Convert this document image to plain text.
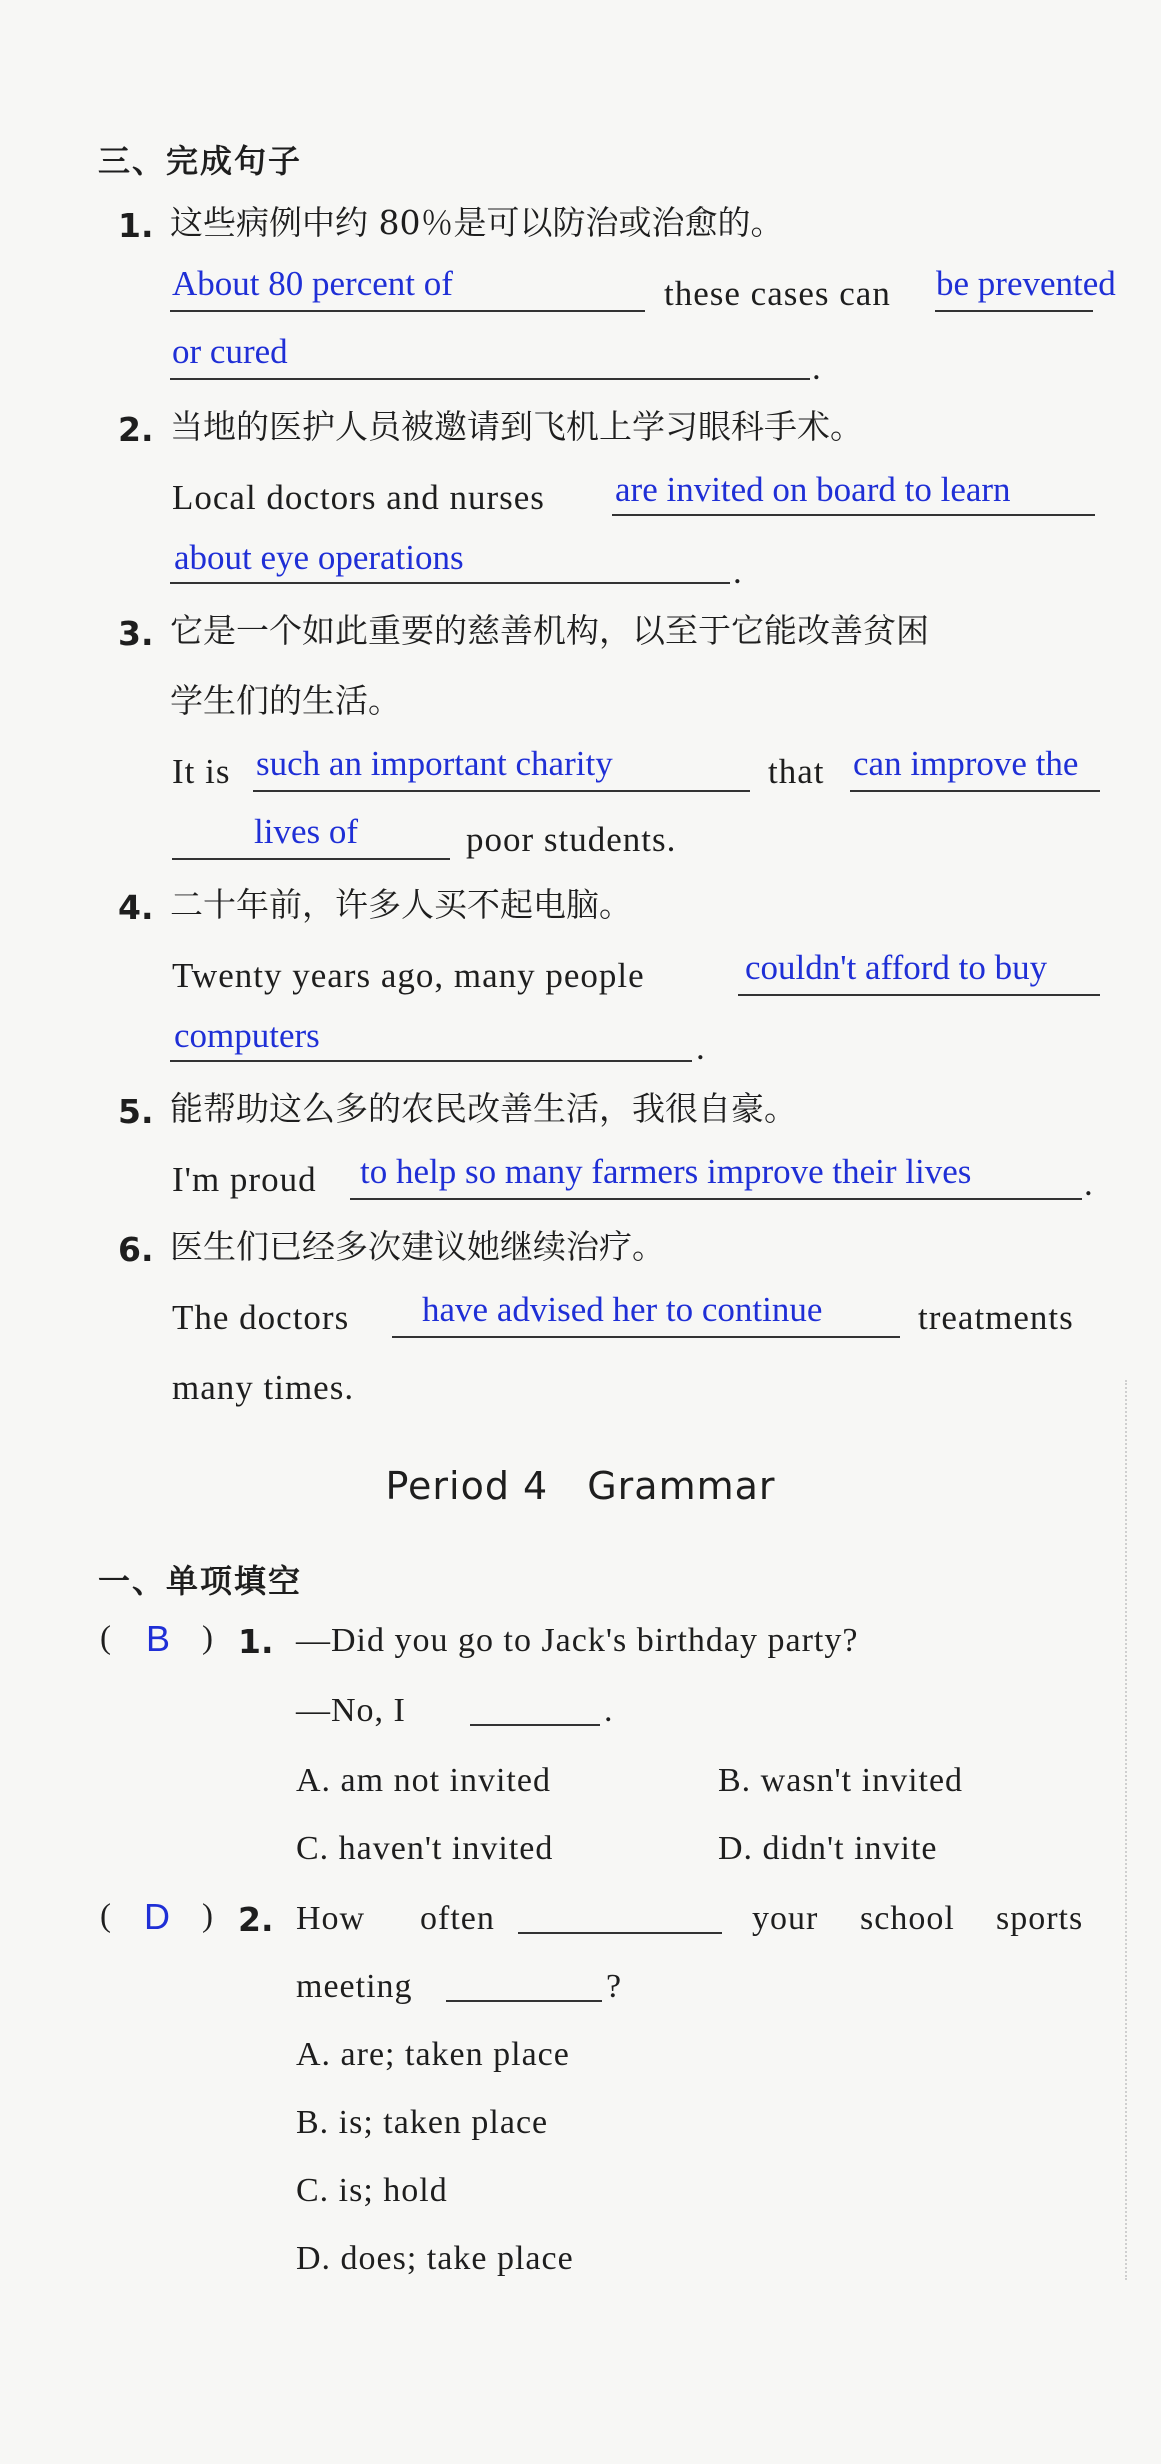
三、完成句子
1. 这些病例中约 80％是可以防治或治愈的。
About 80 percent of	these cases can be prevented
or cured	.
2. 当地的医护人员被邀请到飞机上学习眼科手术。
Local doctors and nurses are invited on board to learn
about eye operations	.
3. 它是一个如此重要的慈善机构，以至于它能改善贫困
学生们的生活。
It is such an important charity	that can improve the
lives of	poor students.
4. 二十年前，许多人买不起电脑。
Twenty years ago, many people	couldn't afford to buy
computers	.
5. 能帮助这么多的农民改善生活，我很自豪。
I'm proud to help so many farmers improve their lives	.
6. 医生们已经多次建议她继续治疗。
The doctors have advised her to continue	treatments
many times.
Period 4　Grammar
一、单项填空
( B ) 1. —Did you go to Jack's birthday party?
—No, I	.
A. am not invited	B. wasn't invited
C. haven't invited	D. didn't invite
( D ) 2. How often	your school sports
meeting	?
A. are; taken place
B. is; taken place
C. is; hold
D. does; take place
